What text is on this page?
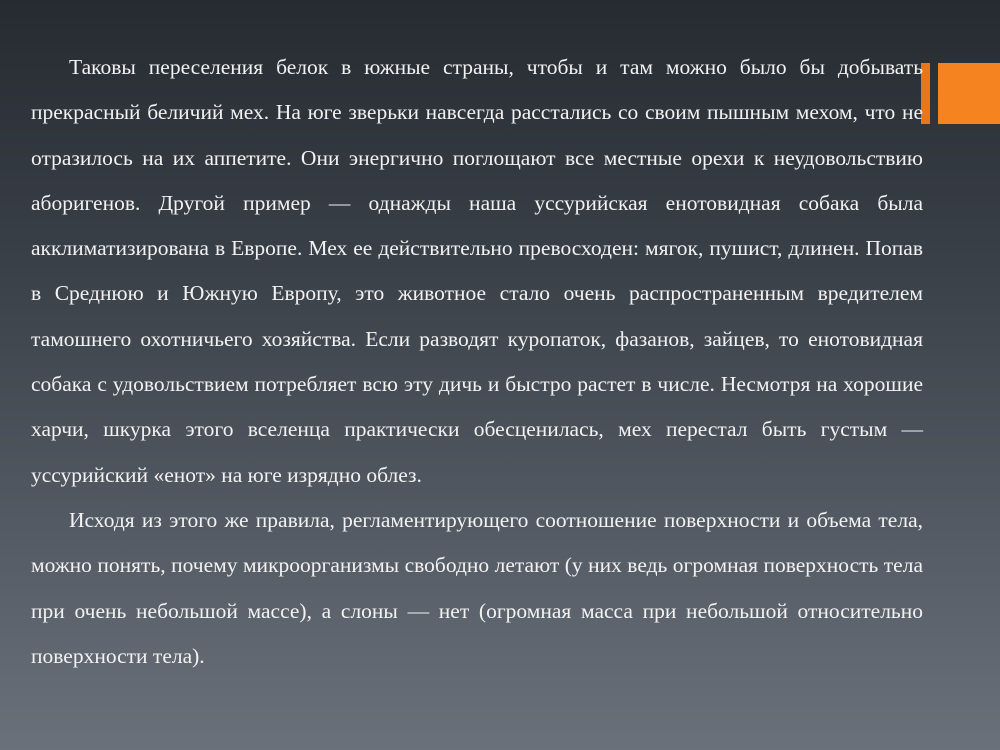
Таковы переселения белок в южные страны, чтобы и там можно было бы добывать прекрасный беличий мех. На юге зверьки навсегда расстались со своим пышным мехом, что не отразилось на их аппетите. Они энергично поглощают все местные орехи к неудовольствию аборигенов. Другой пример — однажды наша уссурийская енотовидная собака была акклиматизирована в Европе. Мех ее действительно превосходен: мягок, пушист, длинен. Попав в Среднюю и Южную Европу, это животное стало очень распространенным вредителем тамошнего охотничьего хозяйства. Если разводят куропаток, фазанов, зайцев, то енотовидная собака с удовольствием потребляет всю эту дичь и быстро растет в числе. Несмотря на хорошие харчи, шкурка этого вселенца практически обесценилась, мех перестал быть густым — уссурийский «енот» на юге изрядно облез.

Исходя из этого же правила, регламентирующего соотношение поверхности и объема тела, можно понять, почему микроорганизмы свободно летают (у них ведь огромная поверхность тела при очень небольшой массе), а слоны — нет (огромная масса при небольшой относительно поверхности тела).
